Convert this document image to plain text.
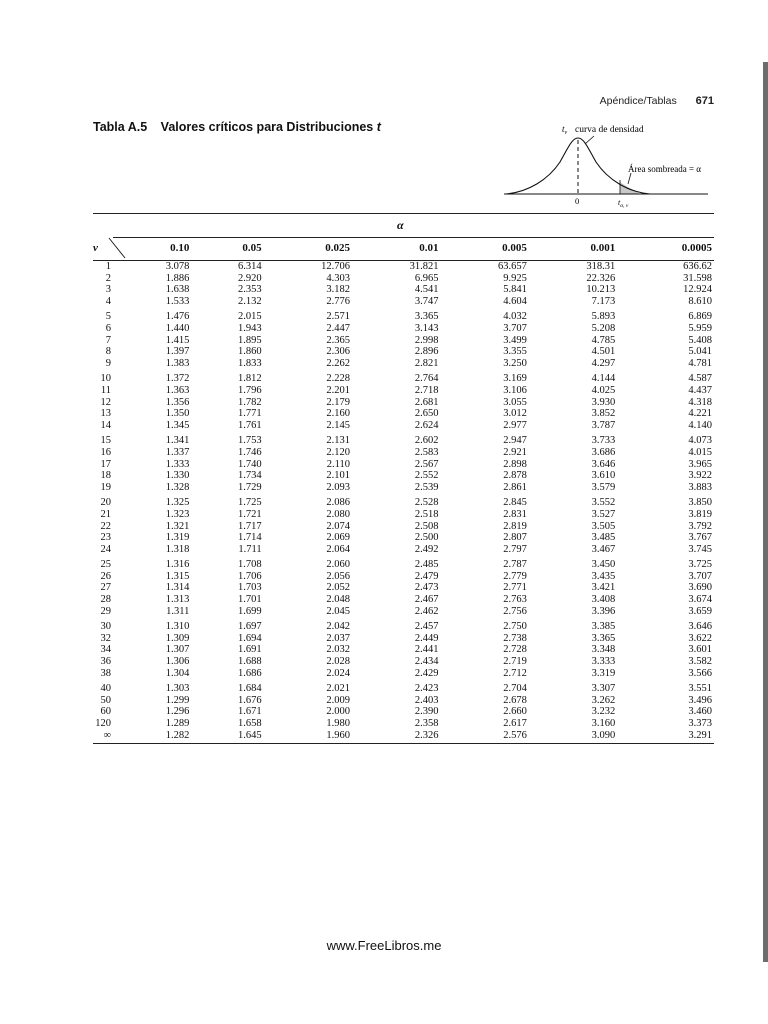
Apéndice/Tablas 671
Tabla A.5 Valores críticos para Distribuciones t	$t_\nu$ curva de densidad
Área sombreada = α
0	$t_{\alpha, \nu}$
α
ν	0.10	0.05	0.025	0.01	0.005	0.001	0.0005
1	3.078	6.314	12.706	31.821	63.657	318.31	636.62
2	1.886	2.920	4.303	6.965	9.925	22.326	31.598
3	1.638	2.353	3.182	4.541	5.841	10.213	12.924
4	1.533	2.132	2.776	3.747	4.604	7.173	8.610
5	1.476	2.015	2.571	3.365	4.032	5.893	6.869
6	1.440	1.943	2.447	3.143	3.707	5.208	5.959
7	1.415	1.895	2.365	2.998	3.499	4.785	5.408
8	1.397	1.860	2.306	2.896	3.355	4.501	5.041
9	1.383	1.833	2.262	2.821	3.250	4.297	4.781
10	1.372	1.812	2.228	2.764	3.169	4.144	4.587
11	1.363	1.796	2.201	2.718	3.106	4.025	4.437
12	1.356	1.782	2.179	2.681	3.055	3.930	4.318
13	1.350	1.771	2.160	2.650	3.012	3.852	4.221
14	1.345	1.761	2.145	2.624	2.977	3.787	4.140
15	1.341	1.753	2.131	2.602	2.947	3.733	4.073
16	1.337	1.746	2.120	2.583	2.921	3.686	4.015
17	1.333	1.740	2.110	2.567	2.898	3.646	3.965
18	1.330	1.734	2.101	2.552	2.878	3.610	3.922
19	1.328	1.729	2.093	2.539	2.861	3.579	3.883
20	1.325	1.725	2.086	2.528	2.845	3.552	3.850
21	1.323	1.721	2.080	2.518	2.831	3.527	3.819
22	1.321	1.717	2.074	2.508	2.819	3.505	3.792
23	1.319	1.714	2.069	2.500	2.807	3.485	3.767
24	1.318	1.711	2.064	2.492	2.797	3.467	3.745
25	1.316	1.708	2.060	2.485	2.787	3.450	3.725
26	1.315	1.706	2.056	2.479	2.779	3.435	3.707
27	1.314	1.703	2.052	2.473	2.771	3.421	3.690
28	1.313	1.701	2.048	2.467	2.763	3.408	3.674
29	1.311	1.699	2.045	2.462	2.756	3.396	3.659
30	1.310	1.697	2.042	2.457	2.750	3.385	3.646
32	1.309	1.694	2.037	2.449	2.738	3.365	3.622
34	1.307	1.691	2.032	2.441	2.728	3.348	3.601
36	1.306	1.688	2.028	2.434	2.719	3.333	3.582
38	1.304	1.686	2.024	2.429	2.712	3.319	3.566
40	1.303	1.684	2.021	2.423	2.704	3.307	3.551
50	1.299	1.676	2.009	2.403	2.678	3.262	3.496
60	1.296	1.671	2.000	2.390	2.660	3.232	3.460
120	1.289	1.658	1.980	2.358	2.617	3.160	3.373
∞	1.282	1.645	1.960	2.326	2.576	3.090	3.291
www.FreeLibros.me
